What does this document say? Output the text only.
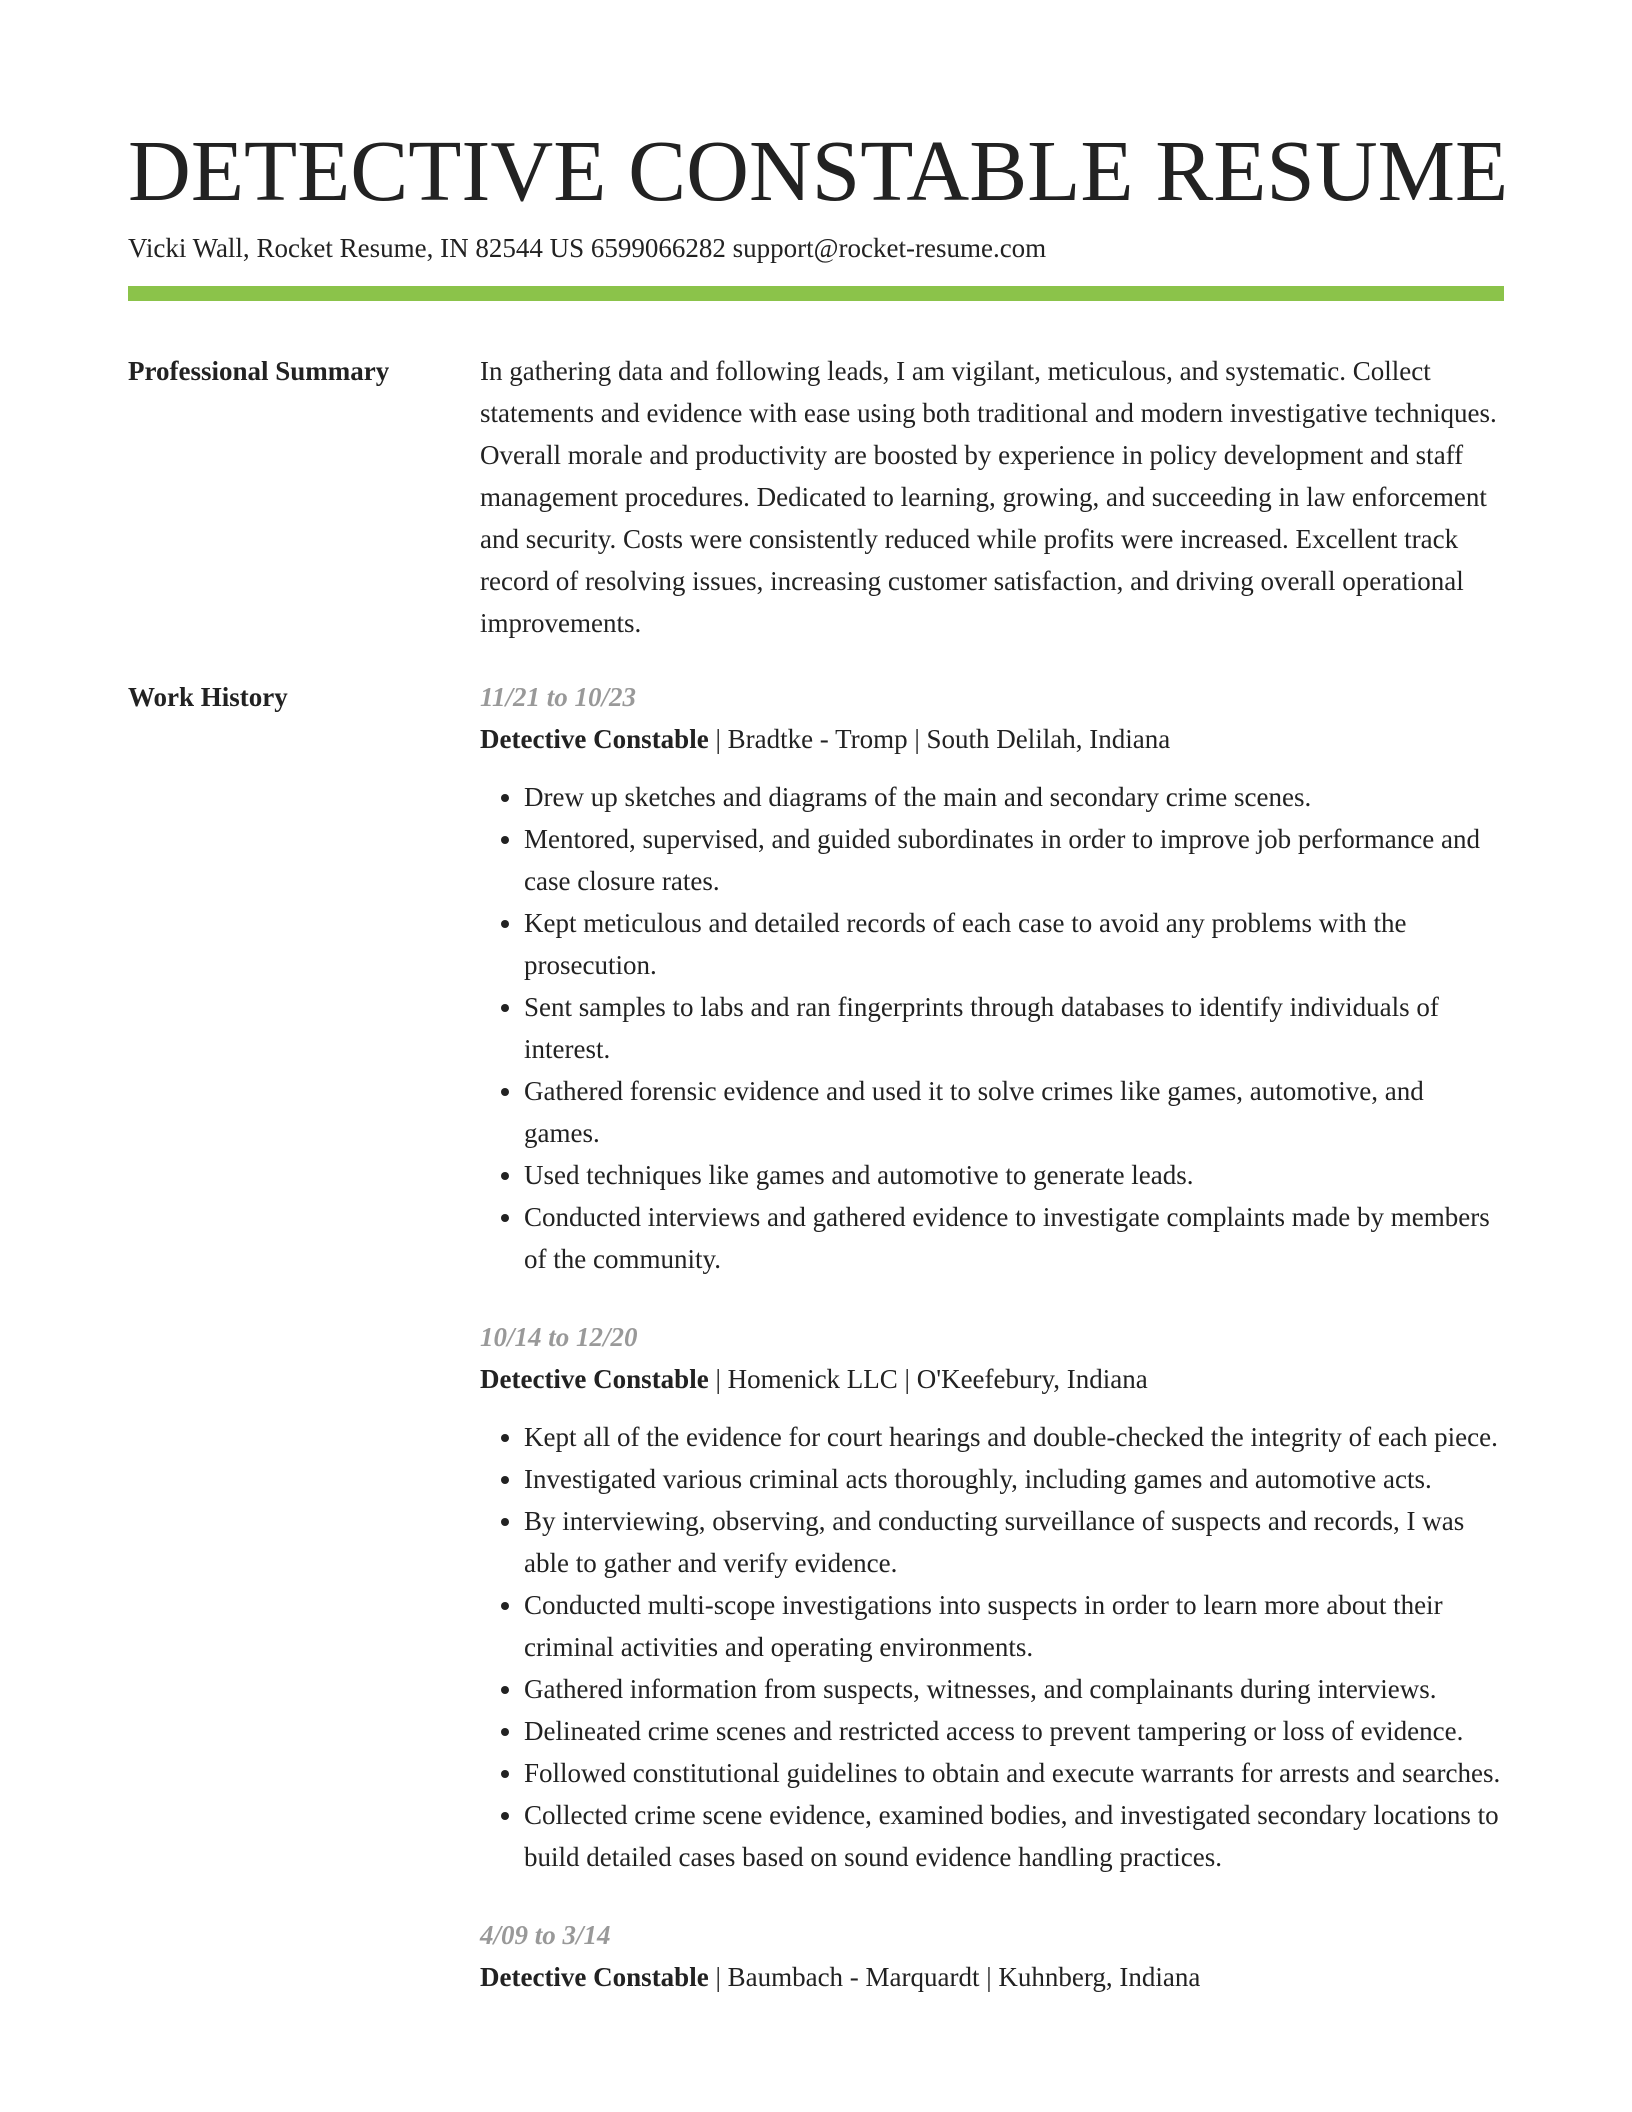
DETECTIVE CONSTABLE RESUME
Vicki Wall, Rocket Resume, IN 82544 US 6599066282 support@rocket-resume.com
Professional Summary	In gathering data and following leads, I am vigilant, meticulous, and systematic. Collect statements and evidence with ease using both traditional and modern investigative techniques. Overall morale and productivity are boosted by experience in policy development and staff management procedures. Dedicated to learning, growing, and succeeding in law enforcement and security. Costs were consistently reduced while profits were increased. Excellent track record of resolving issues, increasing customer satisfaction, and driving overall operational improvements.

Work History	11/21 to 10/23
Detective Constable | Bradtke - Tromp | South Delilah, Indiana
• Drew up sketches and diagrams of the main and secondary crime scenes.
• Mentored, supervised, and guided subordinates in order to improve job performance and case closure rates.
• Kept meticulous and detailed records of each case to avoid any problems with the prosecution.
• Sent samples to labs and ran fingerprints through databases to identify individuals of interest.
• Gathered forensic evidence and used it to solve crimes like games, automotive, and games.
• Used techniques like games and automotive to generate leads.
• Conducted interviews and gathered evidence to investigate complaints made by members of the community.
10/14 to 12/20
Detective Constable | Homenick LLC | O'Keefebury, Indiana
• Kept all of the evidence for court hearings and double-checked the integrity of each piece.
• Investigated various criminal acts thoroughly, including games and automotive acts.
• By interviewing, observing, and conducting surveillance of suspects and records, I was able to gather and verify evidence.
• Conducted multi-scope investigations into suspects in order to learn more about their criminal activities and operating environments.
• Gathered information from suspects, witnesses, and complainants during interviews.
• Delineated crime scenes and restricted access to prevent tampering or loss of evidence.
• Followed constitutional guidelines to obtain and execute warrants for arrests and searches.
• Collected crime scene evidence, examined bodies, and investigated secondary locations to build detailed cases based on sound evidence handling practices.
4/09 to 3/14
Detective Constable | Baumbach - Marquardt | Kuhnberg, Indiana
